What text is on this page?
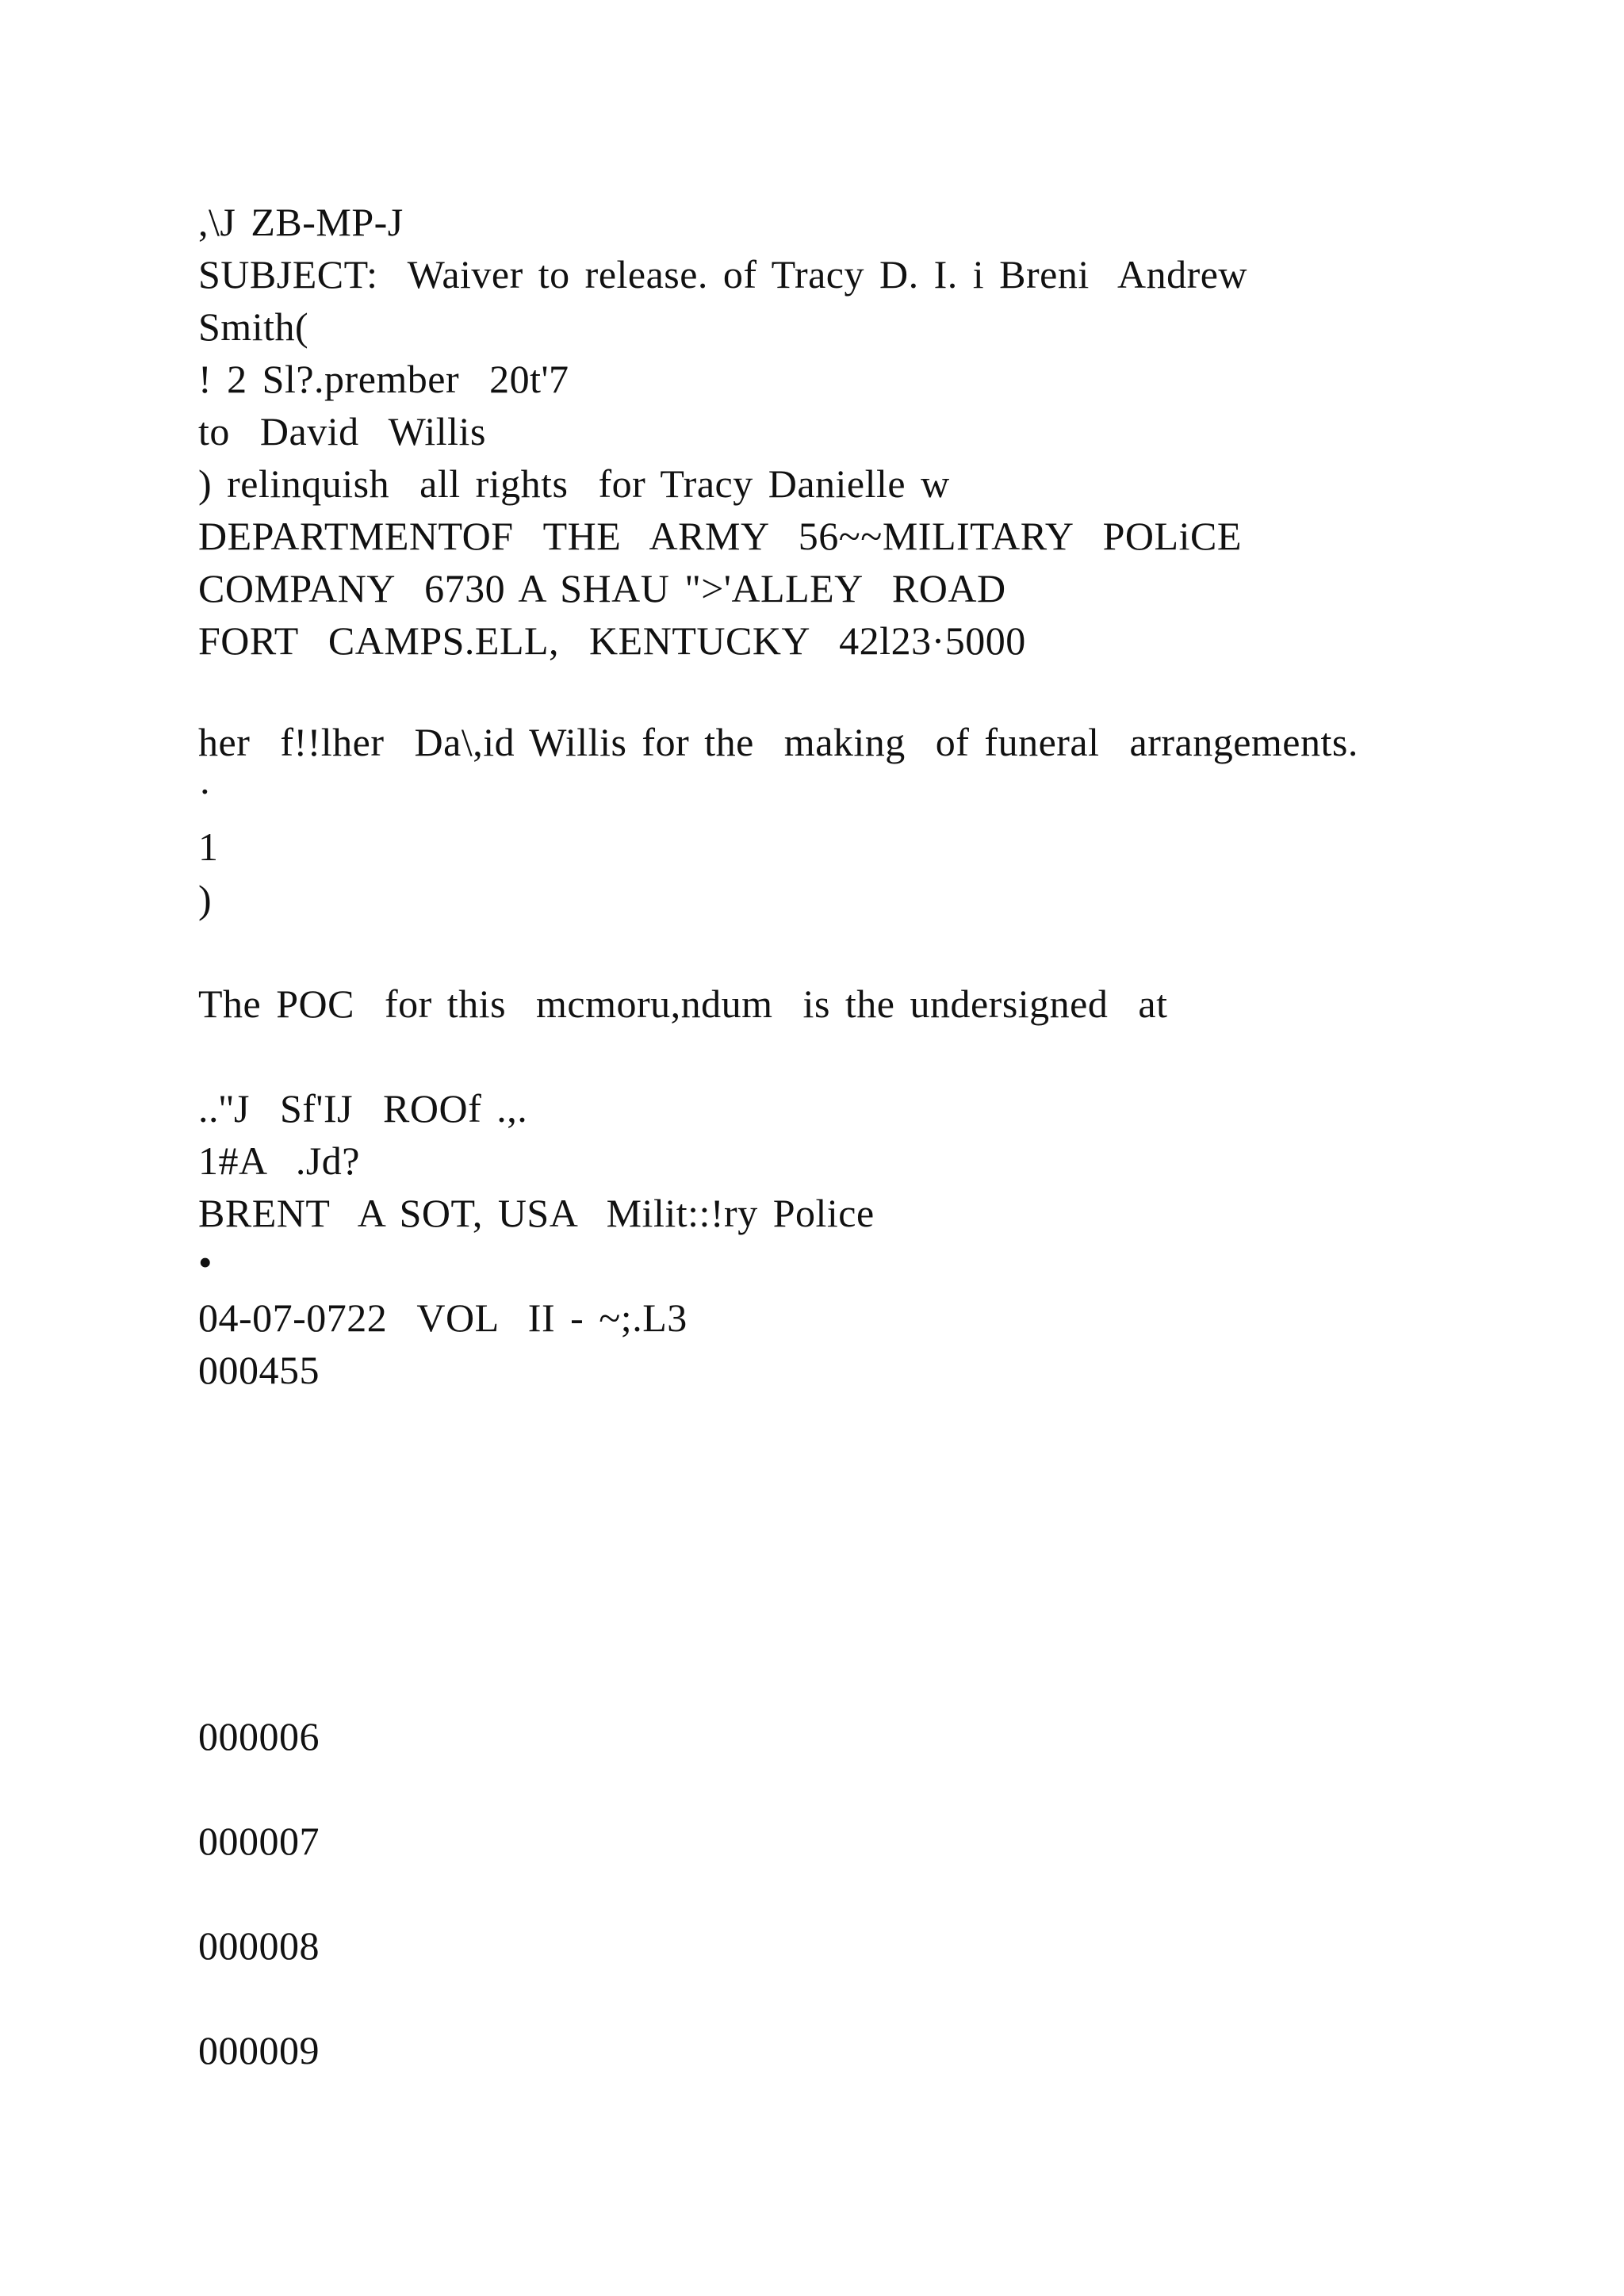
,\J ZB-MP-J
SUBJECT:  Waiver to release. of Tracy D. I. i Breni  Andrew
Smith(
! 2 Sl?.prember  20t'7
to  David  Willis
) relinquish  all rights  for Tracy Danielle w
DEPARTMENTOF  THE  ARMY  56~~MILITARY  POLiCE
COMPANY  6730 A SHAU ">'ALLEY  ROAD
FORT  CAMPS.ELL,  KENTUCKY  42l23·5000
her  f!!lher  Da\,id Willis for the  making  of funeral  arrangements.
·
1
)
The POC  for this  mcmoru,ndum  is the undersigned  at
..''J  Sf'IJ  ROOf .,.
1#A  .Jd?
BRENT  A SOT, USA  Milit::!ry Police
•
04-07-0722  VOL  II - ~;.L3
000455
000006
000007
000008
000009
